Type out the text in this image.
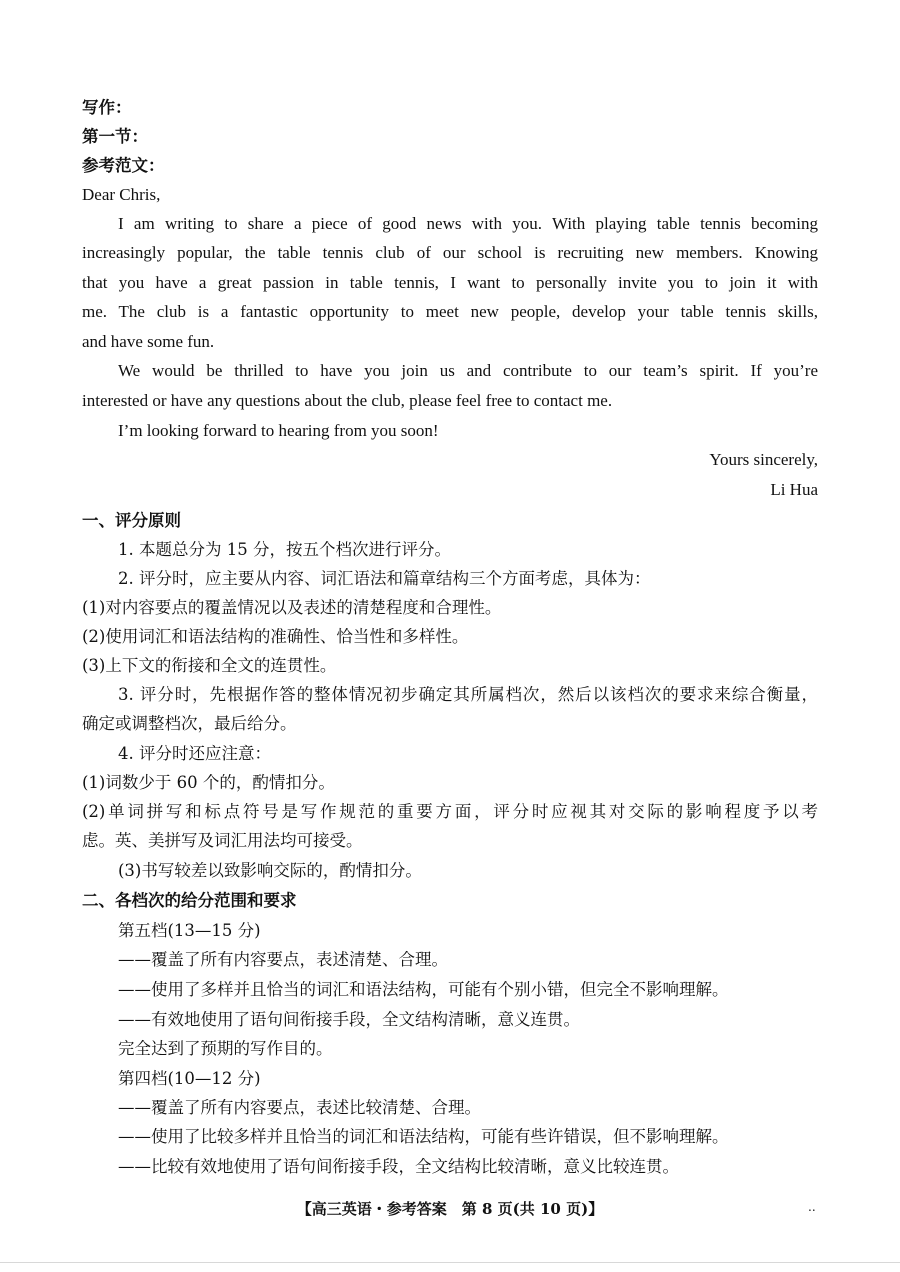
写作：
第一节：
参考范文：
Dear Chris,
I am writing to share a piece of good news with you. With playing table tennis becoming
increasingly popular, the table tennis club of our school is recruiting new members. Knowing
that you have a great passion in table tennis, I want to personally invite you to join it with
me. The club is a fantastic opportunity to meet new people, develop your table tennis skills,
and have some fun.
We would be thrilled to have you join us and contribute to our team’s spirit. If you’re
interested or have any questions about the club, please feel free to contact me.
I’m looking forward to hearing from you soon!
Yours sincerely,
Li Hua
一、评分原则
1. 本题总分为 15 分，按五个档次进行评分。
2. 评分时，应主要从内容、词汇语法和篇章结构三个方面考虑，具体为：
(1)对内容要点的覆盖情况以及表述的清楚程度和合理性。
(2)使用词汇和语法结构的准确性、恰当性和多样性。
(3)上下文的衔接和全文的连贯性。
3. 评分时，先根据作答的整体情况初步确定其所属档次，然后以该档次的要求来综合衡量，
确定或调整档次，最后给分。
4. 评分时还应注意：
(1)词数少于 60 个的，酌情扣分。
(2)单词拼写和标点符号是写作规范的重要方面，评分时应视其对交际的影响程度予以考
虑。英、美拼写及词汇用法均可接受。
(3)书写较差以致影响交际的，酌情扣分。
二、各档次的给分范围和要求
第五档(13—15 分)
——覆盖了所有内容要点，表述清楚、合理。
——使用了多样并且恰当的词汇和语法结构，可能有个别小错，但完全不影响理解。
——有效地使用了语句间衔接手段，全文结构清晰，意义连贯。
完全达到了预期的写作目的。
第四档(10—12 分)
——覆盖了所有内容要点，表述比较清楚、合理。
——使用了比较多样并且恰当的词汇和语法结构，可能有些许错误，但不影响理解。
——比较有效地使用了语句间衔接手段，全文结构比较清晰，意义比较连贯。
【高三英语・参考答案　第 8 页(共 10 页)】	..
